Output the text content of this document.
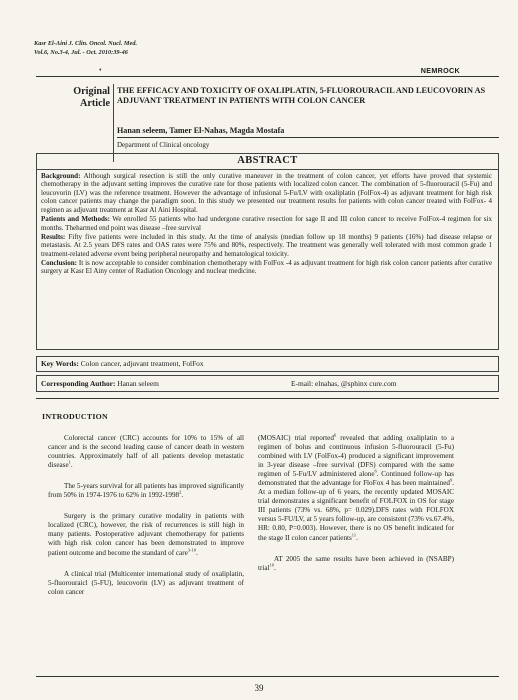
Kasr El-Aini J. Clin. Oncol. Nucl. Med.
Vol.6, No.3-4, Jul. - Oct. 2010:39-46
♦	NEMROCK
Original
Article
THE EFFICACY AND TOXICITY OF OXALIPLATIN, 5-FLUOROURACIL AND LEUCOVORIN AS ADJUVANT TREATMENT IN PATIENTS WITH COLON CANCER
Hanan seleem, Tamer El-Nahas, Magda Mostafa
Department of Clinical oncology
ABSTRACT

Background: Although surgical resection is still the only curative maneuver in the treatment of colon cancer, yet efforts have proved that systemic chemotherapy in the adjuvant setting improves the curative rate for those patients with localized colon cancer. The combination of 5-fluorouracil (5-Fu) and leucovorin (LV) was the reference treatment. However the advantage of infusional 5-Fu/LV with oxaliplatin (FolFox-4) as adjuvant treatment for high risk colon cancer patients may change the paradigm soon. In this study we presented our treatment results for patients with colon cancer treated with FolFox- 4 regimen as adjuvant treatment at Kasr Al Aini Hospital.

Patients and Methods: We enrolled 55 patients who had undergone curative resection for sage II and III colon cancer to receive FolFox-4 regimen for six months. Theharmed end point was disease –free survival

Results: Fifty five patients were included in this study. At the time of analysis (median follow up 18 months) 9 patients (16%) had disease relapse or metastasis. At 2.5 years DFS rates and OAS rates were 75% and 80%, respectively. The treatment was generally well tolerated with most common grade 1 treatment-related adverse event being peripheral neuropathy and hematological toxicity.

Conclusion: It is now acceptable to consider combination chemotherapy with FolFox -4 as adjuvant treatment for high risk colon cancer patients after curative surgery at Kasr El Ainy center of Radiation Oncology and nuclear medicine.

Key Words: Colon cancer, adjuvant treatment, FolFox
Corresponding Author: Hanan seleem	E-mail: elnahas, @sphinx cure.com
INTRODUCTION

Colorectal cancer (CRC) accounts for 10% to 15% of all cancer and is the second leading cause of cancer death in western countries. Approximately half of all patients develop metastatic disease$^1$.

The 5-years survival for all patients has improved significantly from 50% in 1974-1976 to 62% in 1992-1998$^2$.

Surgery is the primary curative modality in patients with localized (CRC), however, the risk of recurrences is still high in many patients. Postoperative adjuvant chemotherapy for patients with high risk colon cancer has been demonstrated to improve patient outcome and become the standard of care$^{3-10}$.

A clinical trial (Multicenter international study of oxaliplatin, 5-fluorouraicl (5-FU), leucovorin (LV) as adjuvant treatment of colon cancer

(MOSAIC) trial reported$^6$ revealed that adding oxaliplatin to a regimen of bolus and continuous infusion 5-fluorouracil (5-Fu) combined with LV (FolFox-4) produced a significant improvement in 3-year disease –free survival (DFS) compared with the same regimen of 5-Fu/LV administered alone$^6$. Continued follow-up has demonstrated that the advantage for FloFox 4 has been maintained$^9$. At a median follow-up of 6 years, the recently updated MOSAIC trial demonstrates a significant benefit of FOLFOX in OS for stage III patients (73% vs. 68%, p= 0.029).DFS rates with FOLFOX versus 5-FU/LV, at 5 years follow-up, are consistent (73% vs.67.4%, HR: 0.80, P=0.003). However, there is no OS benefit indicated for the stage II colon cancer patients$^{11}$.

AT 2005 the same results have been achieved in (NSABP) trial$^{10}$.

39
